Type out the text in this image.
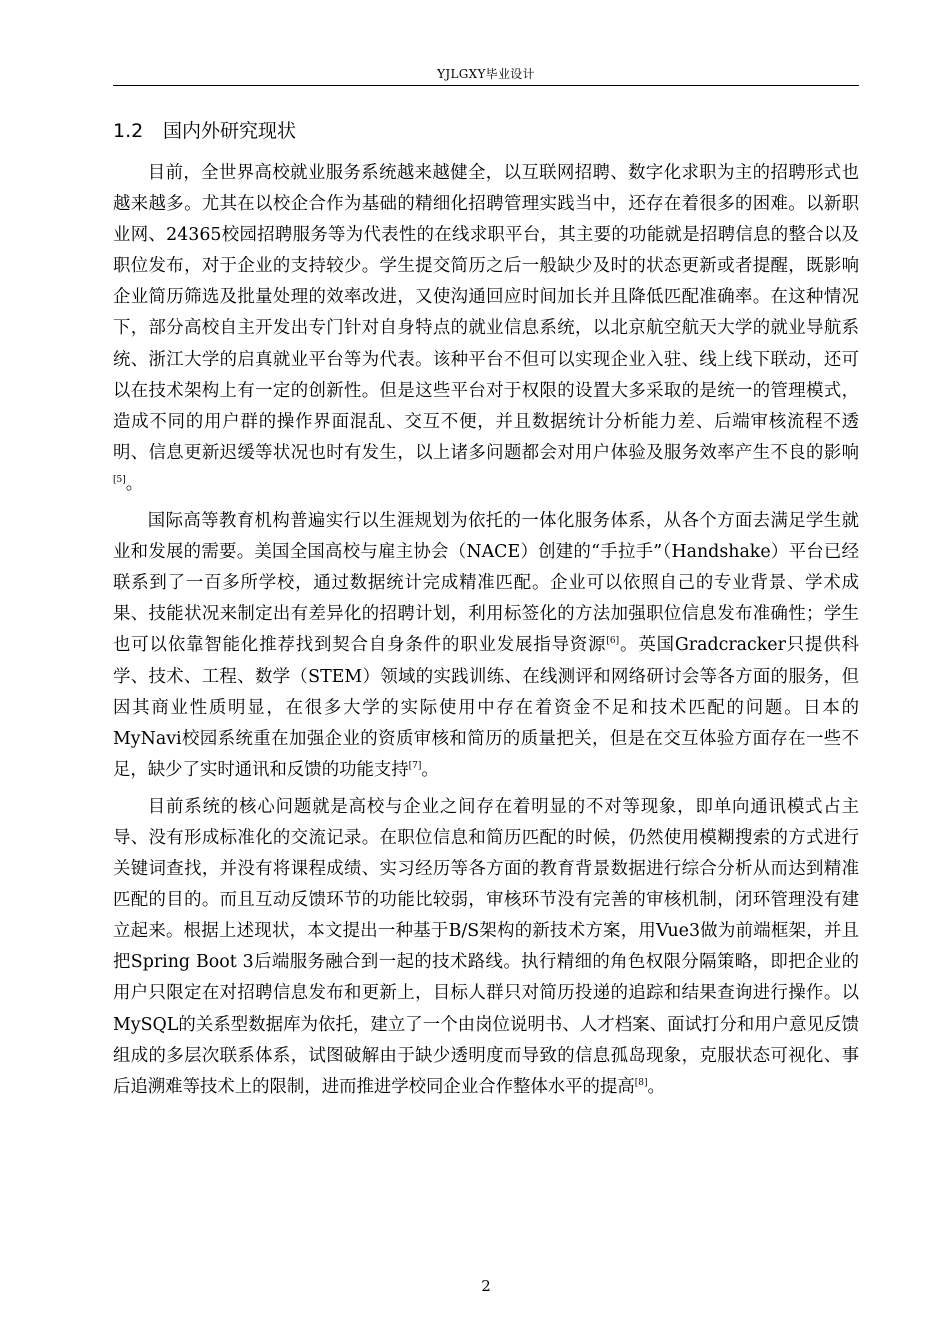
YJLGXY毕业设计
1.2 国内外研究现状

目前，全世界高校就业服务系统越来越健全，以互联网招聘、数字化求职为主的招聘形式也越来越多。尤其在以校企合作为基础的精细化招聘管理实践当中，还存在着很多的困难。以新职业网、24365校园招聘服务等为代表性的在线求职平台，其主要的功能就是招聘信息的整合以及职位发布，对于企业的支持较少。学生提交简历之后一般缺少及时的状态更新或者提醒，既影响企业简历筛选及批量处理的效率改进，又使沟通回应时间加长并且降低匹配准确率。在这种情况下，部分高校自主开发出专门针对自身特点的就业信息系统，以北京航空航天大学的就业导航系统、浙江大学的启真就业平台等为代表。该种平台不但可以实现企业入驻、线上线下联动，还可以在技术架构上有一定的创新性。但是这些平台对于权限的设置大多采取的是统一的管理模式，造成不同的用户群的操作界面混乱、交互不便，并且数据统计分析能力差、后端审核流程不透明、信息更新迟缓等状况也时有发生，以上诸多问题都会对用户体验及服务效率产生不良的影响[5]。

国际高等教育机构普遍实行以生涯规划为依托的一体化服务体系，从各个方面去满足学生就业和发展的需要。美国全国高校与雇主协会（NACE）创建的“手拉手”（Handshake）平台已经联系到了一百多所学校，通过数据统计完成精准匹配。企业可以依照自己的专业背景、学术成果、技能状况来制定出有差异化的招聘计划，利用标签化的方法加强职位信息发布准确性；学生也可以依靠智能化推荐找到契合自身条件的职业发展指导资源[6]。英国Gradcracker只提供科学、技术、工程、数学（STEM）领域的实践训练、在线测评和网络研讨会等各方面的服务，但因其商业性质明显，在很多大学的实际使用中存在着资金不足和技术匹配的问题。日本的MyNavi校园系统重在加强企业的资质审核和简历的质量把关，但是在交互体验方面存在一些不足，缺少了实时通讯和反馈的功能支持[7]。

目前系统的核心问题就是高校与企业之间存在着明显的不对等现象，即单向通讯模式占主导、没有形成标准化的交流记录。在职位信息和简历匹配的时候，仍然使用模糊搜索的方式进行关键词查找，并没有将课程成绩、实习经历等各方面的教育背景数据进行综合分析从而达到精准匹配的目的。而且互动反馈环节的功能比较弱，审核环节没有完善的审核机制，闭环管理没有建立起来。根据上述现状，本文提出一种基于B/S架构的新技术方案，用Vue3做为前端框架，并且把Spring Boot 3后端服务融合到一起的技术路线。执行精细的角色权限分隔策略，即把企业的用户只限定在对招聘信息发布和更新上，目标人群只对简历投递的追踪和结果查询进行操作。以MySQL的关系型数据库为依托，建立了一个由岗位说明书、人才档案、面试打分和用户意见反馈组成的多层次联系体系，试图破解由于缺少透明度而导致的信息孤岛现象，克服状态可视化、事后追溯难等技术上的限制，进而推进学校同企业合作整体水平的提高[8]。

2
